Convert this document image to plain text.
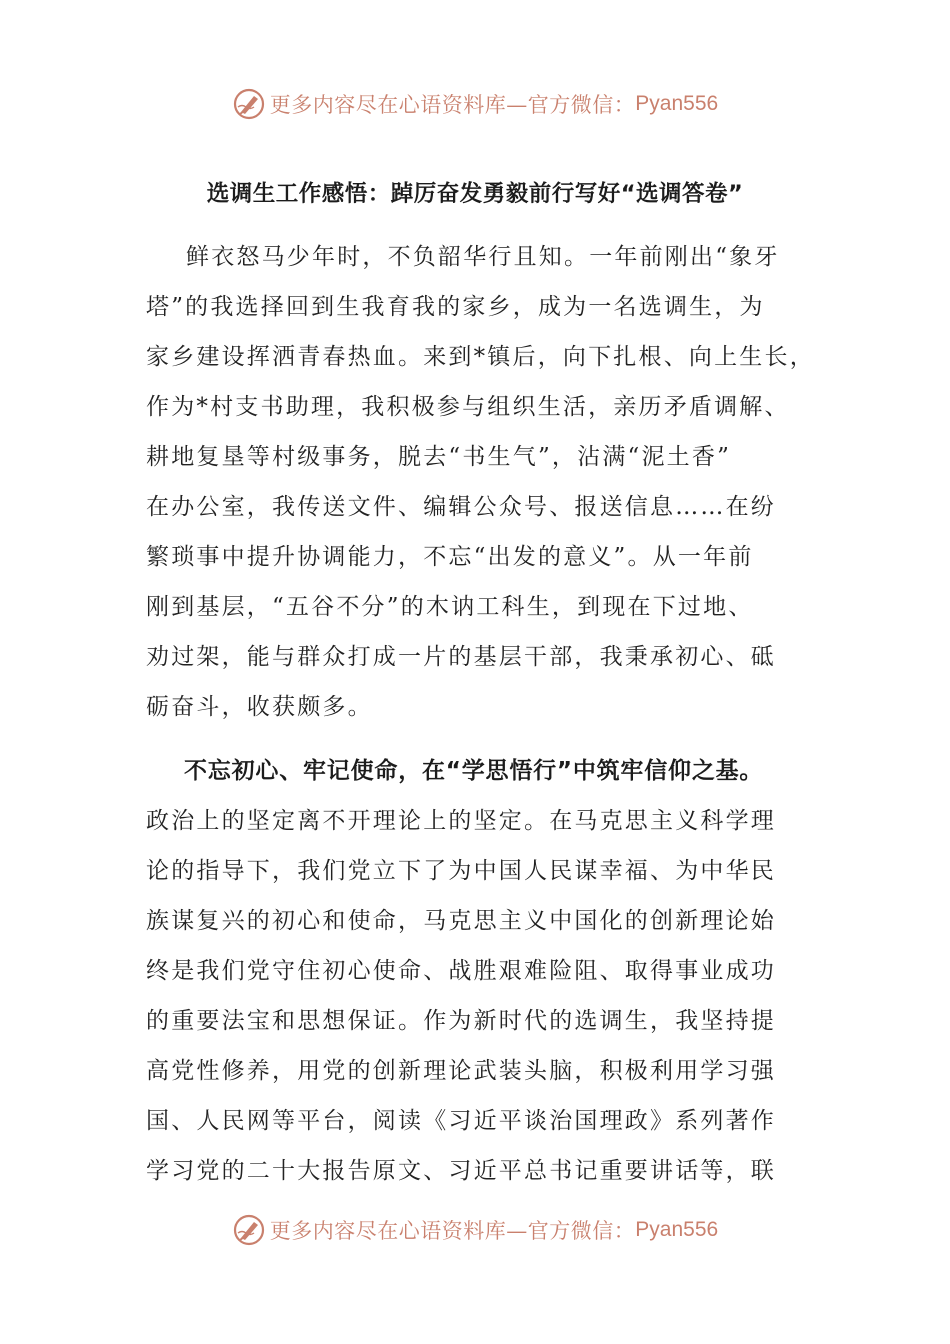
更多内容尽在心语资料库—官方微信： Pyan556
选调生工作感悟：踔厉奋发勇毅前行写好“选调答卷”
鲜衣怒马少年时，不负韶华行且知。一年前刚出“象牙
塔”的我选择回到生我育我的家乡，成为一名选调生，为
家乡建设挥洒青春热血。来到*镇后，向下扎根、向上生长，
作为*村支书助理，我积极参与组织生活，亲历矛盾调解、
耕地复垦等村级事务，脱去“书生气”，沾满“泥土香”
在办公室，我传送文件、编辑公众号、报送信息……在纷
繁琐事中提升协调能力，不忘“出发的意义”。从一年前
刚到基层，“五谷不分”的木讷工科生，到现在下过地、
劝过架，能与群众打成一片的基层干部，我秉承初心、砥
砺奋斗，收获颇多。
不忘初心、牢记使命，在“学思悟行”中筑牢信仰之基。
政治上的坚定离不开理论上的坚定。在马克思主义科学理
论的指导下，我们党立下了为中国人民谋幸福、为中华民
族谋复兴的初心和使命，马克思主义中国化的创新理论始
终是我们党守住初心使命、战胜艰难险阻、取得事业成功
的重要法宝和思想保证。作为新时代的选调生，我坚持提
高党性修养，用党的创新理论武装头脑，积极利用学习强
国、人民网等平台，阅读《习近平谈治国理政》系列著作
学习党的二十大报告原文、习近平总书记重要讲话等，联
更多内容尽在心语资料库—官方微信： Pyan556
